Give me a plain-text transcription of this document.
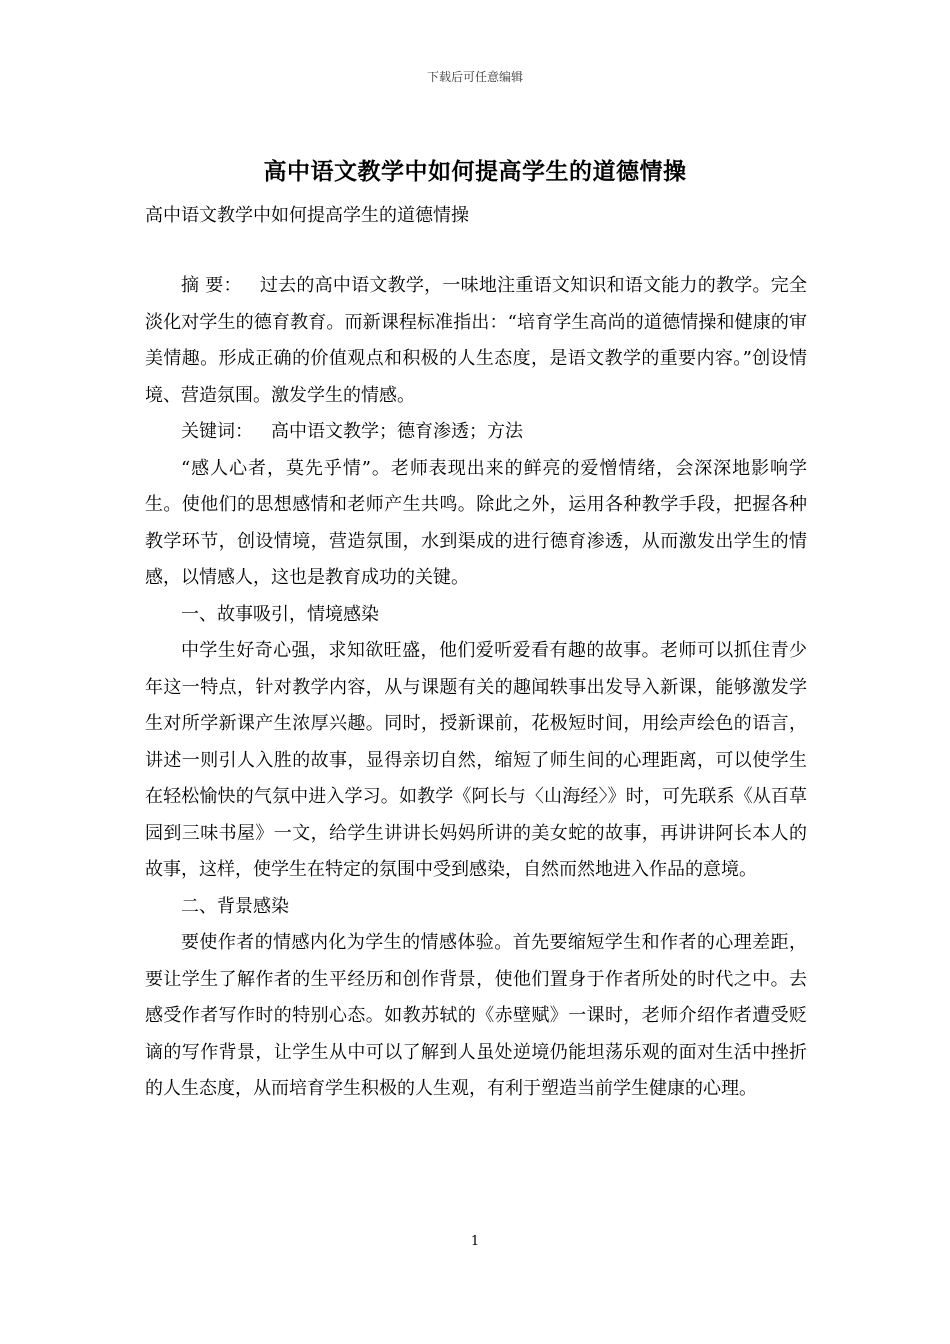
下载后可任意编辑
高中语文教学中如何提高学生的道德情操
高中语文教学中如何提高学生的道德情操

摘 要： 过去的高中语文教学，一味地注重语文知识和语文能力的教学。完全淡化对学生的德育教育。而新课程标准指出：“培育学生高尚的道德情操和健康的审美情趣。形成正确的价值观点和积极的人生态度，是语文教学的重要内容。”创设情境、营造氛围。激发学生的情感。

关键词： 高中语文教学；德育渗透；方法

“感人心者，莫先乎情”。老师表现出来的鲜亮的爱憎情绪，会深深地影响学生。使他们的思想感情和老师产生共鸣。除此之外，运用各种教学手段，把握各种教学环节，创设情境，营造氛围，水到渠成的进行德育渗透，从而激发出学生的情感，以情感人，这也是教育成功的关键。

一、故事吸引，情境感染

中学生好奇心强，求知欲旺盛，他们爱听爱看有趣的故事。老师可以抓住青少年这一特点，针对教学内容，从与课题有关的趣闻轶事出发导入新课，能够激发学生对所学新课产生浓厚兴趣。同时，授新课前，花极短时间，用绘声绘色的语言，讲述一则引人入胜的故事，显得亲切自然，缩短了师生间的心理距离，可以使学生在轻松愉快的气氛中进入学习。如教学《阿长与〈山海经〉》时，可先联系《从百草园到三味书屋》一文，给学生讲讲长妈妈所讲的美女蛇的故事，再讲讲阿长本人的故事，这样，使学生在特定的氛围中受到感染，自然而然地进入作品的意境。

二、背景感染

要使作者的情感内化为学生的情感体验。首先要缩短学生和作者的心理差距，要让学生了解作者的生平经历和创作背景，使他们置身于作者所处的时代之中。去感受作者写作时的特别心态。如教苏轼的《赤壁赋》一课时，老师介绍作者遭受贬谪的写作背景，让学生从中可以了解到人虽处逆境仍能坦荡乐观的面对生活中挫折的人生态度，从而培育学生积极的人生观，有利于塑造当前学生健康的心理。

1
